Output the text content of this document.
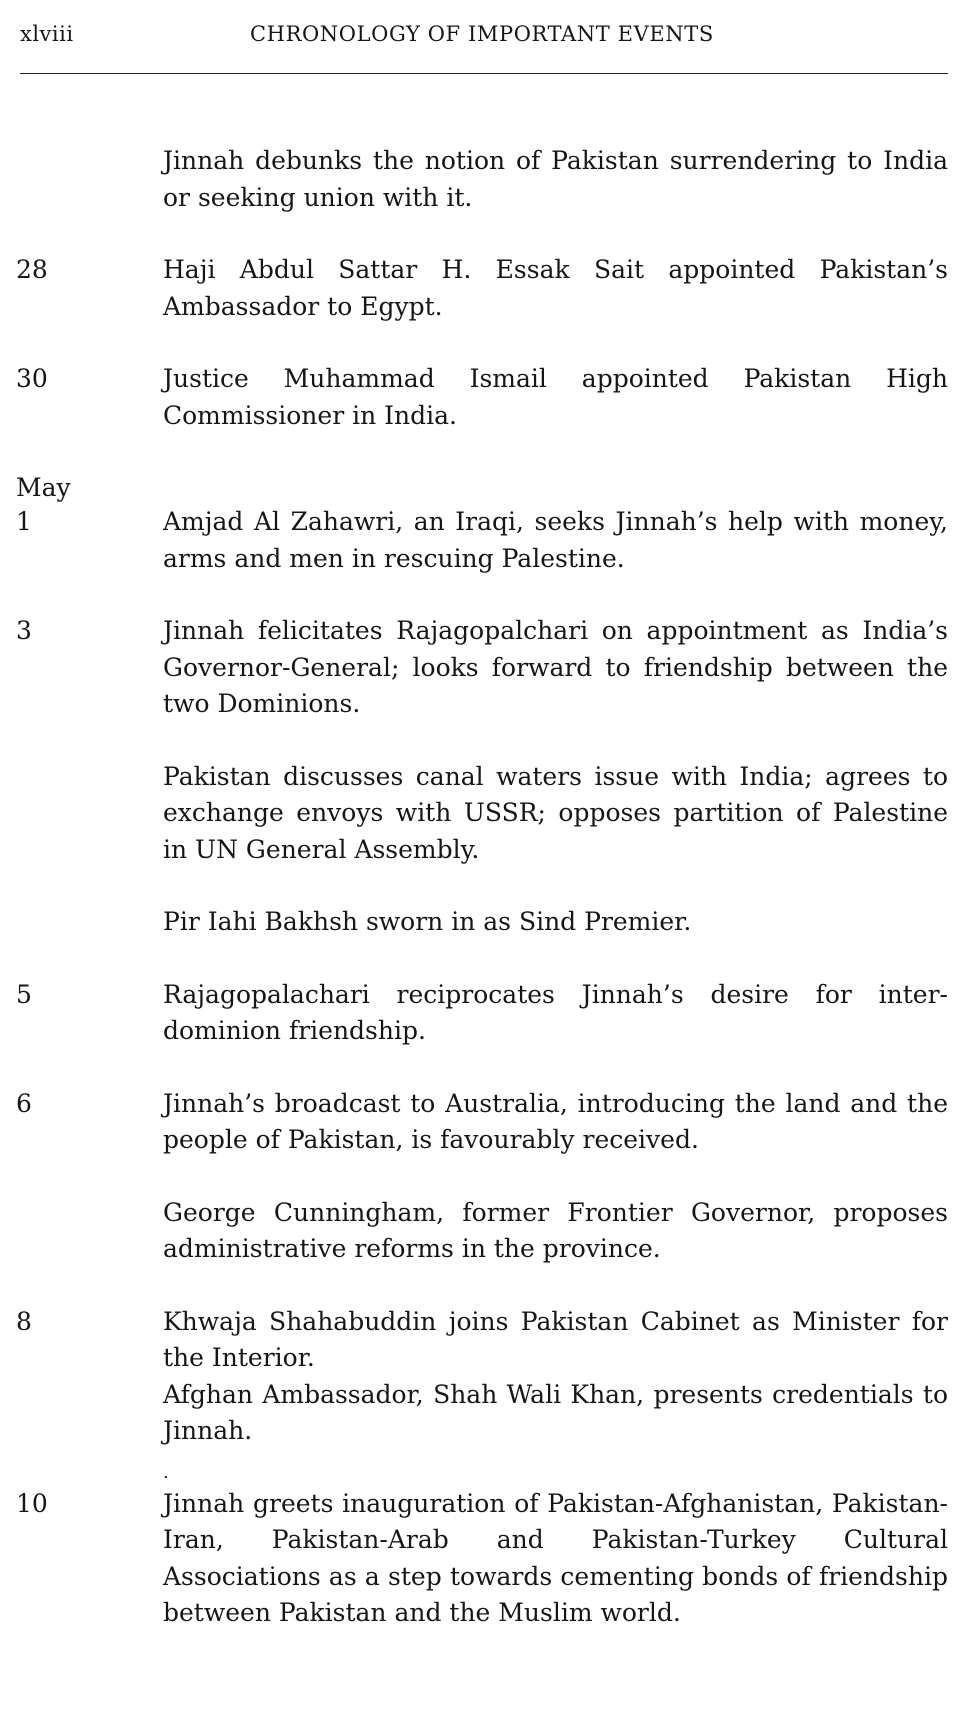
xlviii	CHRONOLOGY OF IMPORTANT EVENTS
Jinnah debunks the notion of Pakistan surrendering to India or seeking union with it.
28	Haji Abdul Sattar H. Essak Sait appointed Pakistan’s Ambassador to Egypt.
30	Justice Muhammad Ismail appointed Pakistan High Commissioner in India.
May
1	Amjad Al Zahawri, an Iraqi, seeks Jinnah’s help with money, arms and men in rescuing Palestine.
3	Jinnah felicitates Rajagopalchari on appointment as India’s Governor-General; looks forward to friendship between the two Dominions.
Pakistan discusses canal waters issue with India; agrees to exchange envoys with USSR; opposes partition of Palestine in UN General Assembly.
Pir Iahi Bakhsh sworn in as Sind Premier.
5	Rajagopalachari reciprocates Jinnah’s desire for inter-dominion friendship.
6	Jinnah’s broadcast to Australia, introducing the land and the people of Pakistan, is favourably received.
George Cunningham, former Frontier Governor, proposes administrative reforms in the province.
8	Khwaja Shahabuddin joins Pakistan Cabinet as Minister for the Interior.
Afghan Ambassador, Shah Wali Khan, presents credentials to Jinnah.
.
10	Jinnah greets inauguration of Pakistan-Afghanistan, Pakistan-Iran, Pakistan-Arab and Pakistan-Turkey Cultural Associations as a step towards cementing bonds of friendship between Pakistan and the Muslim world.
